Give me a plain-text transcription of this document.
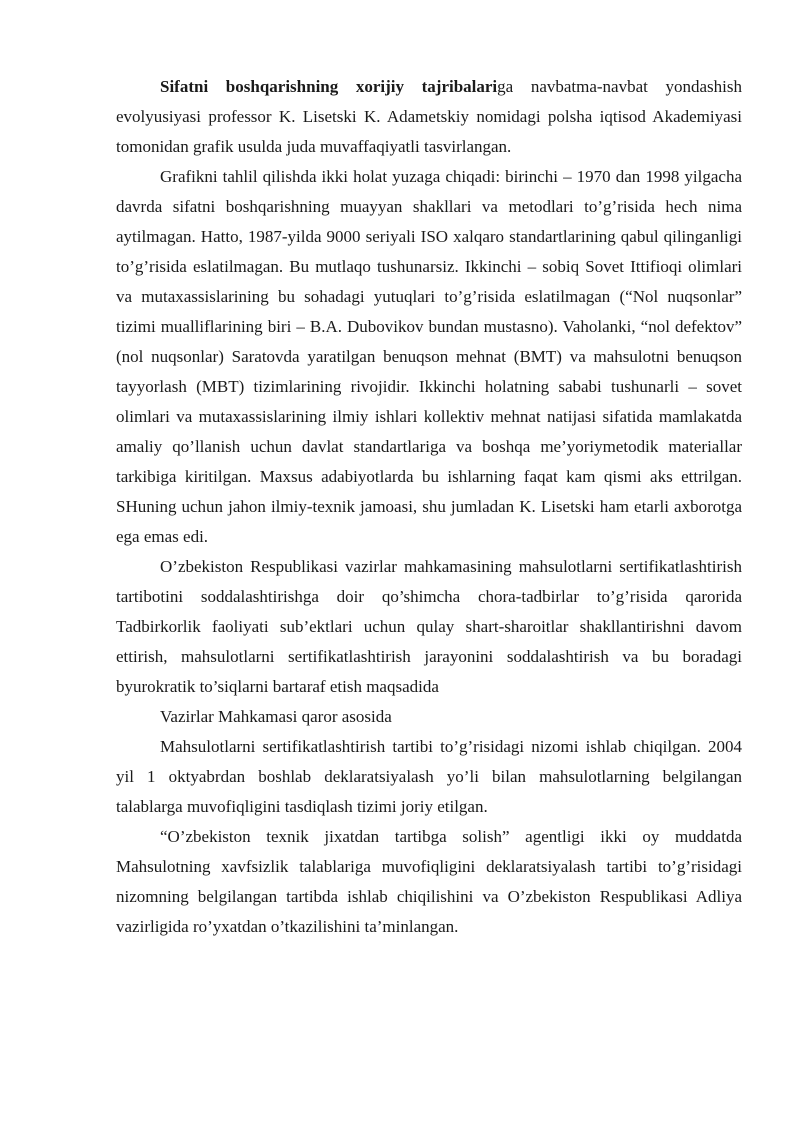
Sifatni boshqarishning xorijiy tajribalariga navbatma-navbat yondashish evolyusiyasi professor K. Lisetski K. Adametskiy nomidagi polsha iqtisod Akademiyasi tomonidan grafik usulda juda muvaffaqiyatli tasvirlangan.

Grafikni tahlil qilishda ikki holat yuzaga chiqadi: birinchi – 1970 dan 1998 yilgacha davrda sifatni boshqarishning muayyan shakllari va metodlari to’g’risida hech nima aytilmagan. Hatto, 1987-yilda 9000 seriyali ISO xalqaro standartlarining qabul qilinganligi to’g’risida eslatilmagan. Bu mutlaqo tushunarsiz. Ikkinchi – sobiq Sovet Ittifioqi olimlari va mutaxassislarining bu sohadagi yutuqlari to’g’risida eslatilmagan (“Nol nuqsonlar” tizimi mualliflarining biri – B.A. Dubovikov bundan mustasno). Vaholanki, “nol defektov” (nol nuqsonlar) Saratovda yaratilgan benuqson mehnat (BMT) va mahsulotni benuqson tayyorlash (MBT) tizimlarining rivojidir. Ikkinchi holatning sababi tushunarli – sovet olimlari va mutaxassislarining ilmiy ishlari kollektiv mehnat natijasi sifatida mamlakatda amaliy qo’llanish uchun davlat standartlariga va boshqa me’yoriymetodik materiallar tarkibiga kiritilgan. Maxsus adabiyotlarda bu ishlarning faqat kam qismi aks ettrilgan. SHuning uchun jahon ilmiy-texnik jamoasi, shu jumladan K. Lisetski ham etarli axborotga ega emas edi.

O’zbekiston Respublikasi vazirlar mahkamasining mahsulotlarni sertifikatlashtirish tartibotini soddalashtirishga doir qo’shimcha chora-tadbirlar to’g’risida qarorida Tadbirkorlik faoliyati sub’ektlari uchun qulay shart-sharoitlar shakllantirishni davom ettirish, mahsulotlarni sertifikatlashtirish jarayonini soddalashtirish va bu boradagi byurokratik to’siqlarni bartaraf etish maqsadida

Vazirlar Mahkamasi qaror asosida

Mahsulotlarni sertifikatlashtirish tartibi to’g’risidagi nizomi ishlab chiqilgan. 2004 yil 1 oktyabrdan boshlab deklaratsiyalash yo’li bilan mahsulotlarning belgilangan talablarga muvofiqligini tasdiqlash tizimi joriy etilgan.

“O’zbekiston texnik jixatdan tartibga solish” agentligi ikki oy muddatda Mahsulotning xavfsizlik talablariga muvofiqligini deklaratsiyalash tartibi to’g’risidagi nizomning belgilangan tartibda ishlab chiqilishini va O’zbekiston Respublikasi Adliya vazirligida ro’yxatdan o’tkazilishini ta’minlangan.
